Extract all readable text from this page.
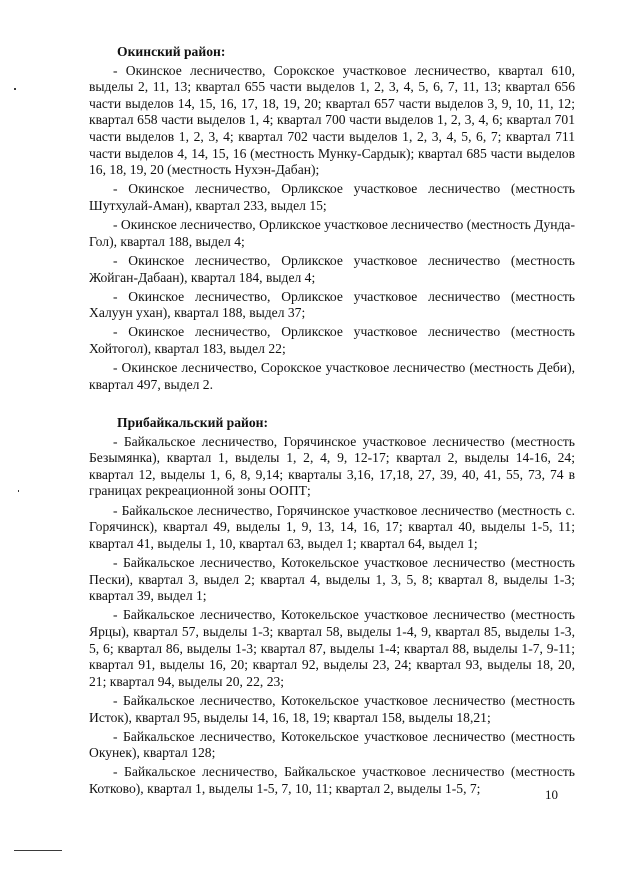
Окинский район:

- Окинское лесничество, Сорокское участковое лесничество, квартал 610, выделы 2, 11, 13; квартал 655 части выделов 1, 2, 3, 4, 5, 6, 7, 11, 13; квартал 656 части выделов 14, 15, 16, 17, 18, 19, 20; квартал 657 части выделов 3, 9, 10, 11, 12; квартал 658 части выделов 1, 4; квартал 700 части выделов 1, 2, 3, 4, 6; квартал 701 части выделов 1, 2, 3, 4; квартал 702 части выделов 1, 2, 3, 4, 5, 6, 7; квартал 711 части выделов 4, 14, 15, 16 (местность Мунку-Сардык); квартал 685 части выделов 16, 18, 19, 20 (местность Нухэн-Дабан);

- Окинское лесничество, Орликское участковое лесничество (местность Шутхулай-Аман), квартал 233, выдел 15;

- Окинское лесничество, Орликское участковое лесничество (местность Дунда-Гол), квартал 188, выдел 4;

- Окинское лесничество, Орликское участковое лесничество (местность Жойган-Дабаан), квартал 184, выдел 4;

- Окинское лесничество, Орликское участковое лесничество (местность Халуун ухан), квартал 188, выдел 37;

- Окинское лесничество, Орликское участковое лесничество (местность Хойтогол), квартал 183, выдел 22;

- Окинское лесничество, Сорокское участковое лесничество (местность Деби), квартал 497, выдел 2.

Прибайкальский район:

- Байкальское лесничество, Горячинское участковое лесничество (местность Безымянка), квартал 1, выделы 1, 2, 4, 9, 12-17; квартал 2, выделы 14-16, 24; квартал 12, выделы 1, 6, 8, 9,14; кварталы 3,16, 17,18, 27, 39, 40, 41, 55, 73, 74 в границах рекреационной зоны ООПТ;

- Байкальское лесничество, Горячинское участковое лесничество (местность с. Горячинск), квартал 49, выделы 1, 9, 13, 14, 16, 17; квартал 40, выделы 1-5, 11; квартал 41, выделы 1, 10, квартал 63, выдел 1; квартал 64, выдел 1;

- Байкальское лесничество, Котокельское участковое лесничество (местность Пески), квартал 3, выдел 2; квартал 4, выделы 1, 3, 5, 8; квартал 8, выделы 1-3; квартал 39, выдел 1;

- Байкальское лесничество, Котокельское участковое лесничество (местность Ярцы), квартал 57, выделы 1-3; квартал 58, выделы 1-4, 9, квартал 85, выделы 1-3, 5, 6; квартал 86, выделы 1-3; квартал 87, выделы 1-4; квартал 88, выделы 1-7, 9-11; квартал 91, выделы 16, 20; квартал 92, выделы 23, 24; квартал 93, выделы 18, 20, 21; квартал 94, выделы 20, 22, 23;

- Байкальское лесничество, Котокельское участковое лесничество (местность Исток), квартал 95, выделы 14, 16, 18, 19; квартал 158, выделы 18,21;

- Байкальское лесничество, Котокельское участковое лесничество (местность Окунек), квартал 128;

- Байкальское лесничество, Байкальское участковое лесничество (местность Котково), квартал 1, выделы 1-5, 7, 10, 11; квартал 2, выделы 1-5, 7;	10
